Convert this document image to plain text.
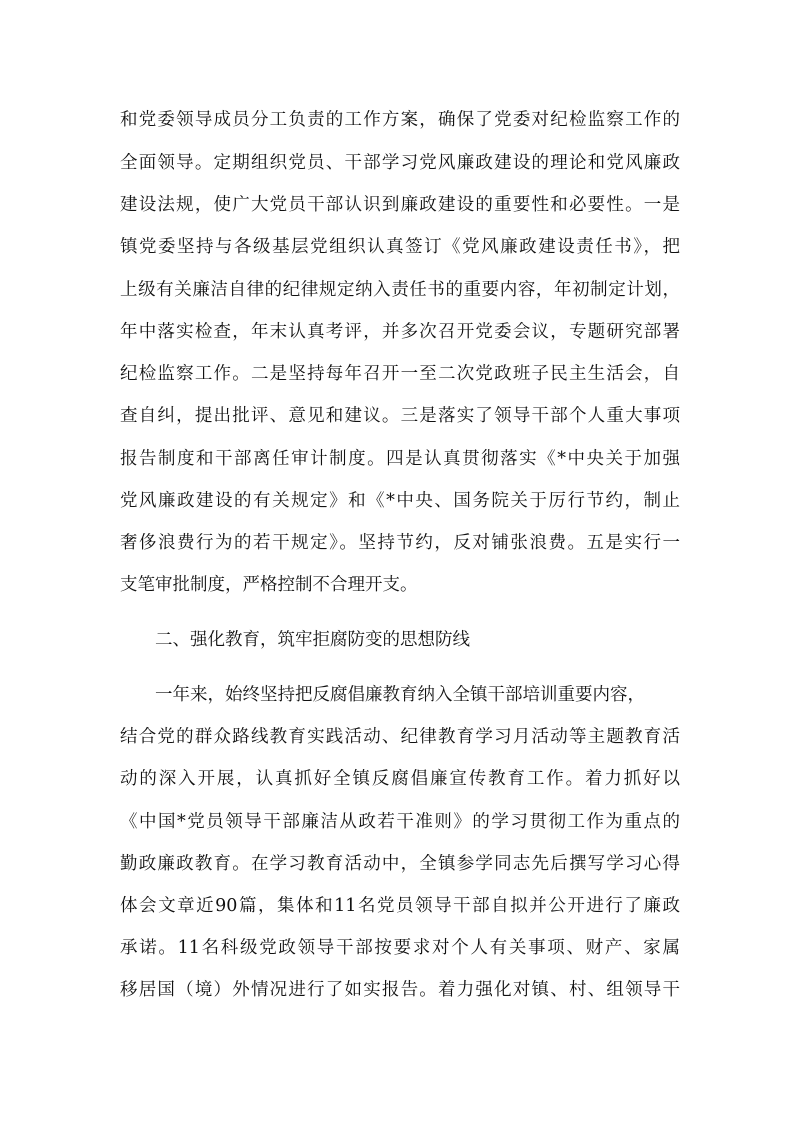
和党委领导成员分工负责的工作方案，确保了党委对纪检监察工作的
全面领导。定期组织党员、干部学习党风廉政建设的理论和党风廉政
建设法规，使广大党员干部认识到廉政建设的重要性和必要性。一是
镇党委坚持与各级基层党组织认真签订《党风廉政建设责任书》，把
上级有关廉洁自律的纪律规定纳入责任书的重要内容，年初制定计划，
年中落实检查，年末认真考评，并多次召开党委会议，专题研究部署
纪检监察工作。二是坚持每年召开一至二次党政班子民主生活会，自
查自纠，提出批评、意见和建议。三是落实了领导干部个人重大事项
报告制度和干部离任审计制度。四是认真贯彻落实《*中央关于加强
党风廉政建设的有关规定》和《*中央、国务院关于厉行节约，制止
奢侈浪费行为的若干规定》。坚持节约，反对铺张浪费。五是实行一
支笔审批制度，严格控制不合理开支。
二、强化教育，筑牢拒腐防变的思想防线
一年来，始终坚持把反腐倡廉教育纳入全镇干部培训重要内容，
结合党的群众路线教育实践活动、纪律教育学习月活动等主题教育活
动的深入开展，认真抓好全镇反腐倡廉宣传教育工作。着力抓好以
《中国*党员领导干部廉洁从政若干准则》的学习贯彻工作为重点的
勤政廉政教育。在学习教育活动中，全镇参学同志先后撰写学习心得
体会文章近90篇，集体和11名党员领导干部自拟并公开进行了廉政
承诺。11名科级党政领导干部按要求对个人有关事项、财产、家属
移居国（境）外情况进行了如实报告。着力强化对镇、村、组领导干
